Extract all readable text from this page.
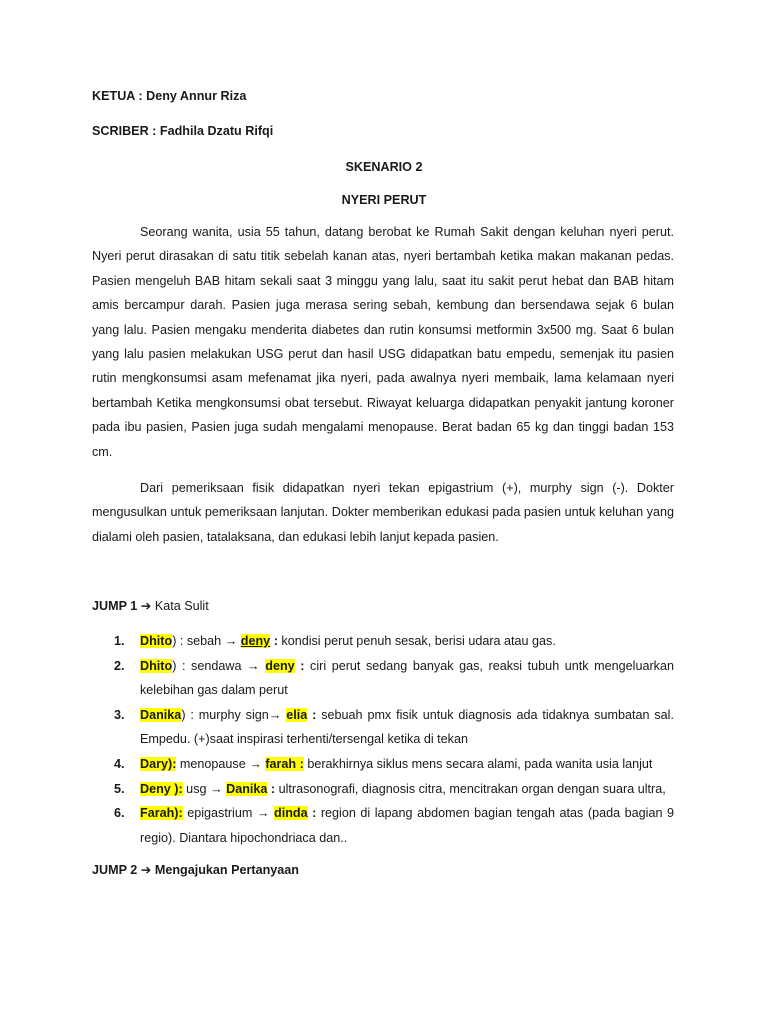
KETUA : Deny Annur Riza
SCRIBER : Fadhila Dzatu Rifqi
SKENARIO 2
NYERI PERUT

Seorang wanita, usia 55 tahun, datang berobat ke Rumah Sakit dengan keluhan nyeri perut. Nyeri perut dirasakan di satu titik sebelah kanan atas, nyeri bertambah ketika makan makanan pedas. Pasien mengeluh BAB hitam sekali saat 3 minggu yang lalu, saat itu sakit perut hebat dan BAB hitam amis bercampur darah. Pasien juga merasa sering sebah, kembung dan bersendawa sejak 6 bulan yang lalu. Pasien mengaku menderita diabetes dan rutin konsumsi metformin 3x500 mg. Saat 6 bulan yang lalu pasien melakukan USG perut dan hasil USG didapatkan batu empedu, semenjak itu pasien rutin mengkonsumsi asam mefenamat jika nyeri, pada awalnya nyeri membaik, lama kelamaan nyeri bertambah Ketika mengkonsumsi obat tersebut. Riwayat keluarga didapatkan penyakit jantung koroner pada ibu pasien, Pasien juga sudah mengalami menopause. Berat badan 65 kg dan tinggi badan 153 cm.

Dari pemeriksaan fisik didapatkan nyeri tekan epigastrium (+), murphy sign (-). Dokter mengusulkan untuk pemeriksaan lanjutan. Dokter memberikan edukasi pada pasien untuk keluhan yang dialami oleh pasien, tatalaksana, dan edukasi lebih lanjut kepada pasien.

JUMP 1 ➔ Kata Sulit
1. Dhito) : sebah → deny : kondisi perut penuh sesak, berisi udara atau gas.
2. Dhito) : sendawa → deny : ciri perut sedang banyak gas, reaksi tubuh untk mengeluarkan kelebihan gas dalam perut
3. Danika) : murphy sign→ elia : sebuah pmx fisik untuk diagnosis ada tidaknya sumbatan sal. Empedu. (+)saat inspirasi terhenti/tersengal ketika di tekan
4. Dary): menopause → farah : berakhirnya siklus mens secara alami, pada wanita usia lanjut
5. Deny ): usg → Danika : ultrasonografi, diagnosis citra, mencitrakan organ dengan suara ultra,
6. Farah): epigastrium → dinda : region di lapang abdomen bagian tengah atas (pada bagian 9 regio). Diantara hipochondriaca dan..
JUMP 2 ➔ Mengajukan Pertanyaan
